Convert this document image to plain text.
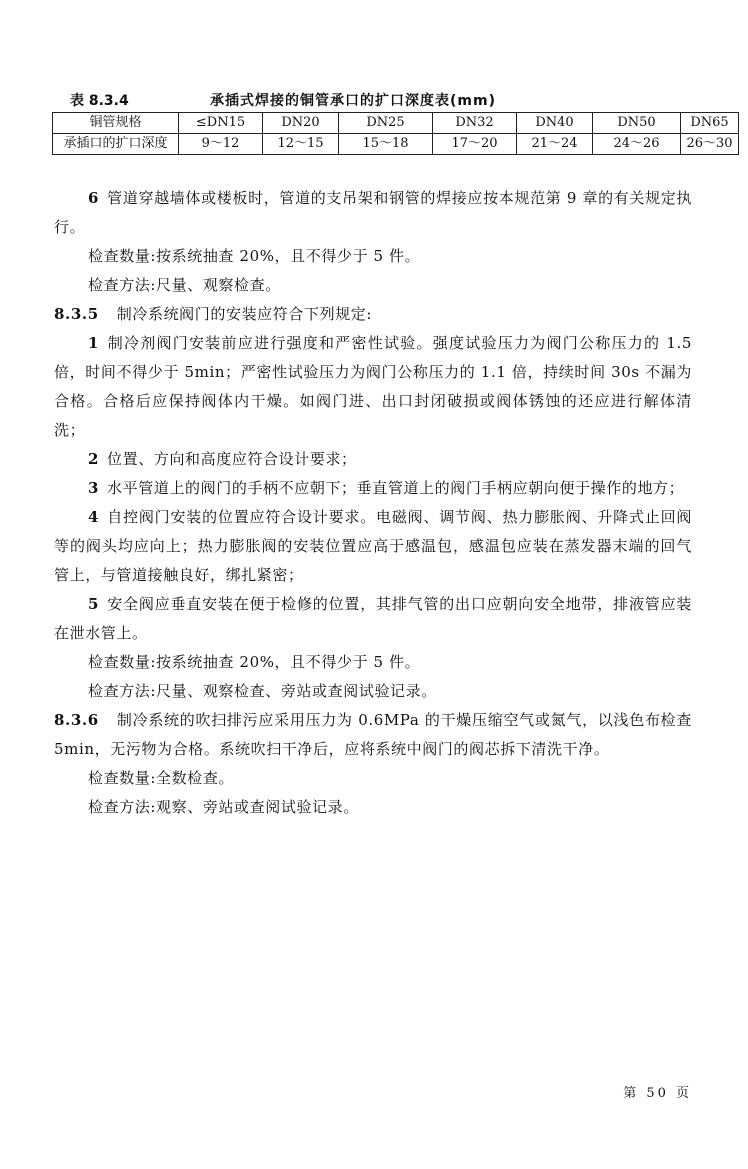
表 8.3.4	承插式焊接的铜管承口的扩口深度表(mm)
铜管规格	≤DN15	DN20	DN25	DN32	DN40	DN50	DN65
承插口的扩口深度	9～12	12～15	15～18	17～20	21～24	24～26	26～30

6 管道穿越墙体或楼板时，管道的支吊架和钢管的焊接应按本规范第 9 章的有关规定执行。

检查数量:按系统抽查 20%，且不得少于 5 件。

检查方法:尺量、观察检查。

8.3.5 制冷系统阀门的安装应符合下列规定:

1 制冷剂阀门安装前应进行强度和严密性试验。强度试验压力为阀门公称压力的 1.5 倍，时间不得少于 5min；严密性试验压力为阀门公称压力的 1.1 倍，持续时间 30s 不漏为合格。合格后应保持阀体内干燥。如阀门进、出口封闭破损或阀体锈蚀的还应进行解体清洗；

2 位置、方向和高度应符合设计要求；

3 水平管道上的阀门的手柄不应朝下；垂直管道上的阀门手柄应朝向便于操作的地方；

4 自控阀门安装的位置应符合设计要求。电磁阀、调节阀、热力膨胀阀、升降式止回阀等的阀头均应向上；热力膨胀阀的安装位置应高于感温包，感温包应装在蒸发器末端的回气管上，与管道接触良好，绑扎紧密；

5 安全阀应垂直安装在便于检修的位置，其排气管的出口应朝向安全地带，排液管应装在泄水管上。

检查数量:按系统抽查 20%，且不得少于 5 件。

检查方法:尺量、观察检查、旁站或查阅试验记录。

8.3.6 制冷系统的吹扫排污应采用压力为 0.6MPa 的干燥压缩空气或氮气，以浅色布检查 5min，无污物为合格。系统吹扫干净后，应将系统中阀门的阀芯拆下清洗干净。

检查数量:全数检查。

检查方法:观察、旁站或查阅试验记录。

第 50 页
